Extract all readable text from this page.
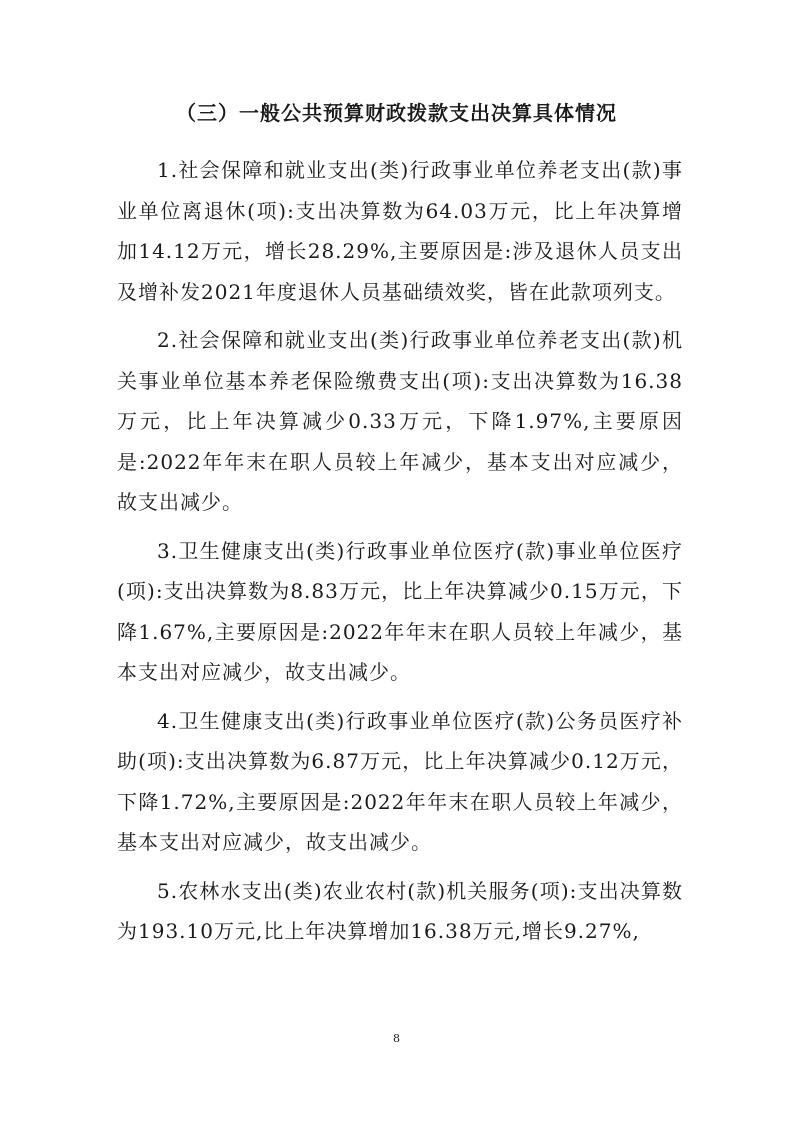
（三）一般公共预算财政拨款支出决算具体情况

1.社会保障和就业支出(类)行政事业单位养老支出(款)事业单位离退休(项):支出决算数为64.03万元，比上年决算增加14.12万元，增长28.29%,主要原因是:涉及退休人员支出及增补发2021年度退休人员基础绩效奖，皆在此款项列支。

2.社会保障和就业支出(类)行政事业单位养老支出(款)机关事业单位基本养老保险缴费支出(项):支出决算数为16.38万元，比上年决算减少0.33万元，下降1.97%,主要原因是:2022年年末在职人员较上年减少，基本支出对应减少，故支出减少。

3.卫生健康支出(类)行政事业单位医疗(款)事业单位医疗(项):支出决算数为8.83万元，比上年决算减少0.15万元，下降1.67%,主要原因是:2022年年末在职人员较上年减少，基本支出对应减少，故支出减少。

4.卫生健康支出(类)行政事业单位医疗(款)公务员医疗补助(项):支出决算数为6.87万元，比上年决算减少0.12万元，下降1.72%,主要原因是:2022年年末在职人员较上年减少，基本支出对应减少，故支出减少。

5.农林水支出(类)农业农村(款)机关服务(项):支出决算数为193.10万元,比上年决算增加16.38万元,增长9.27%,

8
